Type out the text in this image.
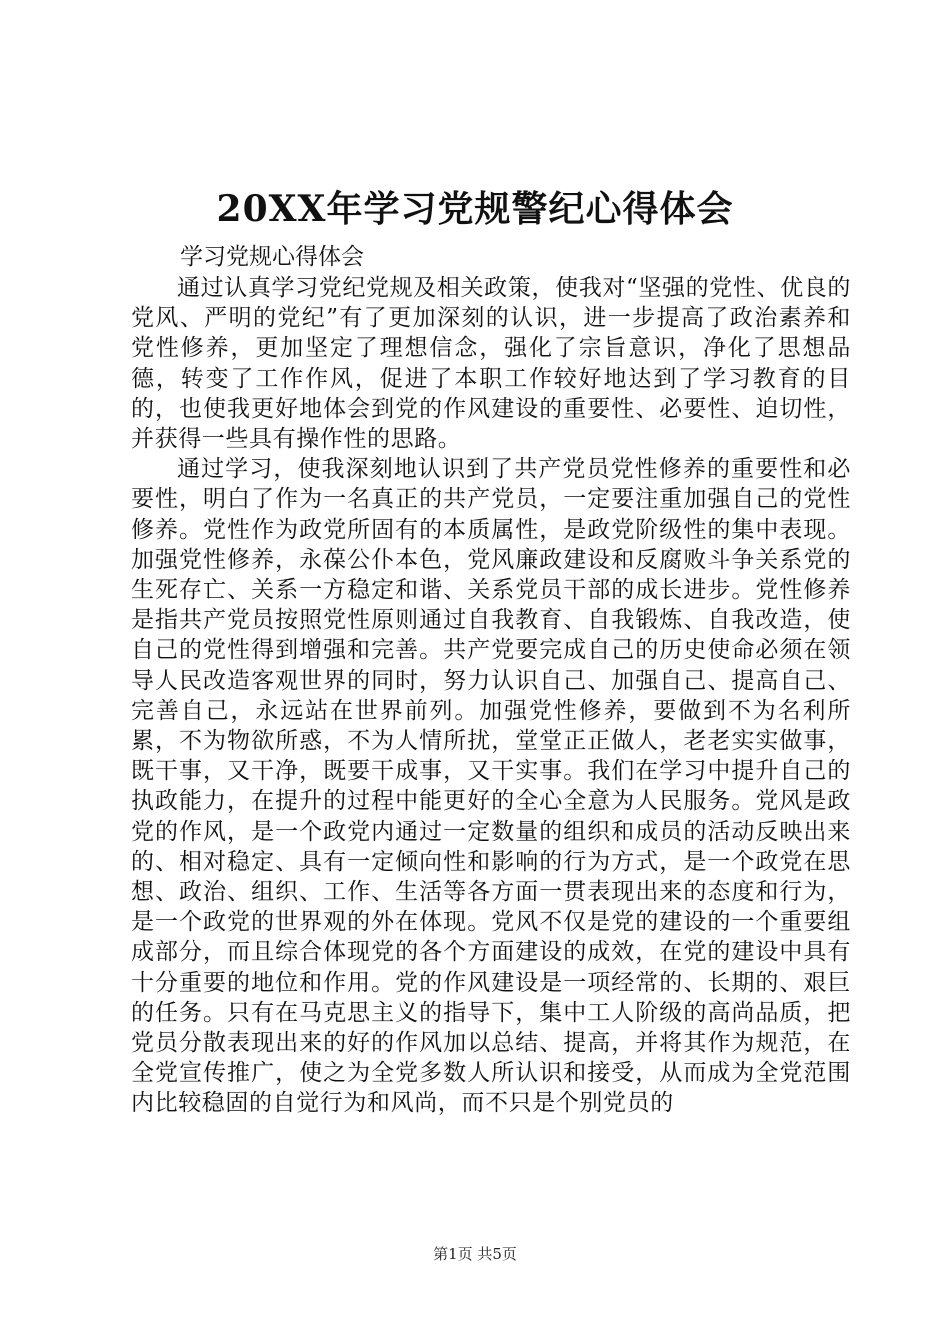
20XX年学习党规警纪心得体会
学习党规心得体会

通过认真学习党纪党规及相关政策，使我对“坚强的党性、优良的党风、严明的党纪”有了更加深刻的认识，进一步提高了政治素养和党性修养，更加坚定了理想信念，强化了宗旨意识，净化了思想品德，转变了工作作风，促进了本职工作较好地达到了学习教育的目的，也使我更好地体会到党的作风建设的重要性、必要性、迫切性，并获得一些具有操作性的思路。

通过学习，使我深刻地认识到了共产党员党性修养的重要性和必要性，明白了作为一名真正的共产党员，一定要注重加强自己的党性修养。党性作为政党所固有的本质属性，是政党阶级性的集中表现。加强党性修养，永葆公仆本色，党风廉政建设和反腐败斗争关系党的生死存亡、关系一方稳定和谐、关系党员干部的成长进步。党性修养是指共产党员按照党性原则通过自我教育、自我锻炼、自我改造，使自己的党性得到增强和完善。共产党要完成自己的历史使命必须在领导人民改造客观世界的同时，努力认识自己、加强自己、提高自己、完善自己，永远站在世界前列。加强党性修养，要做到不为名利所累，不为物欲所惑，不为人情所扰，堂堂正正做人，老老实实做事，既干事，又干净，既要干成事，又干实事。我们在学习中提升自己的执政能力，在提升的过程中能更好的全心全意为人民服务。党风是政党的作风，是一个政党内通过一定数量的组织和成员的活动反映出来的、相对稳定、具有一定倾向性和影响的行为方式，是一个政党在思想、政治、组织、工作、生活等各方面一贯表现出来的态度和行为，是一个政党的世界观的外在体现。党风不仅是党的建设的一个重要组成部分，而且综合体现党的各个方面建设的成效，在党的建设中具有十分重要的地位和作用。党的作风建设是一项经常的、长期的、艰巨的任务。只有在马克思主义的指导下，集中工人阶级的高尚品质，把党员分散表现出来的好的作风加以总结、提高，并将其作为规范，在全党宣传推广，使之为全党多数人所认识和接受，从而成为全党范围内比较稳固的自觉行为和风尚，而不只是个别党员的

第1页 共5页
